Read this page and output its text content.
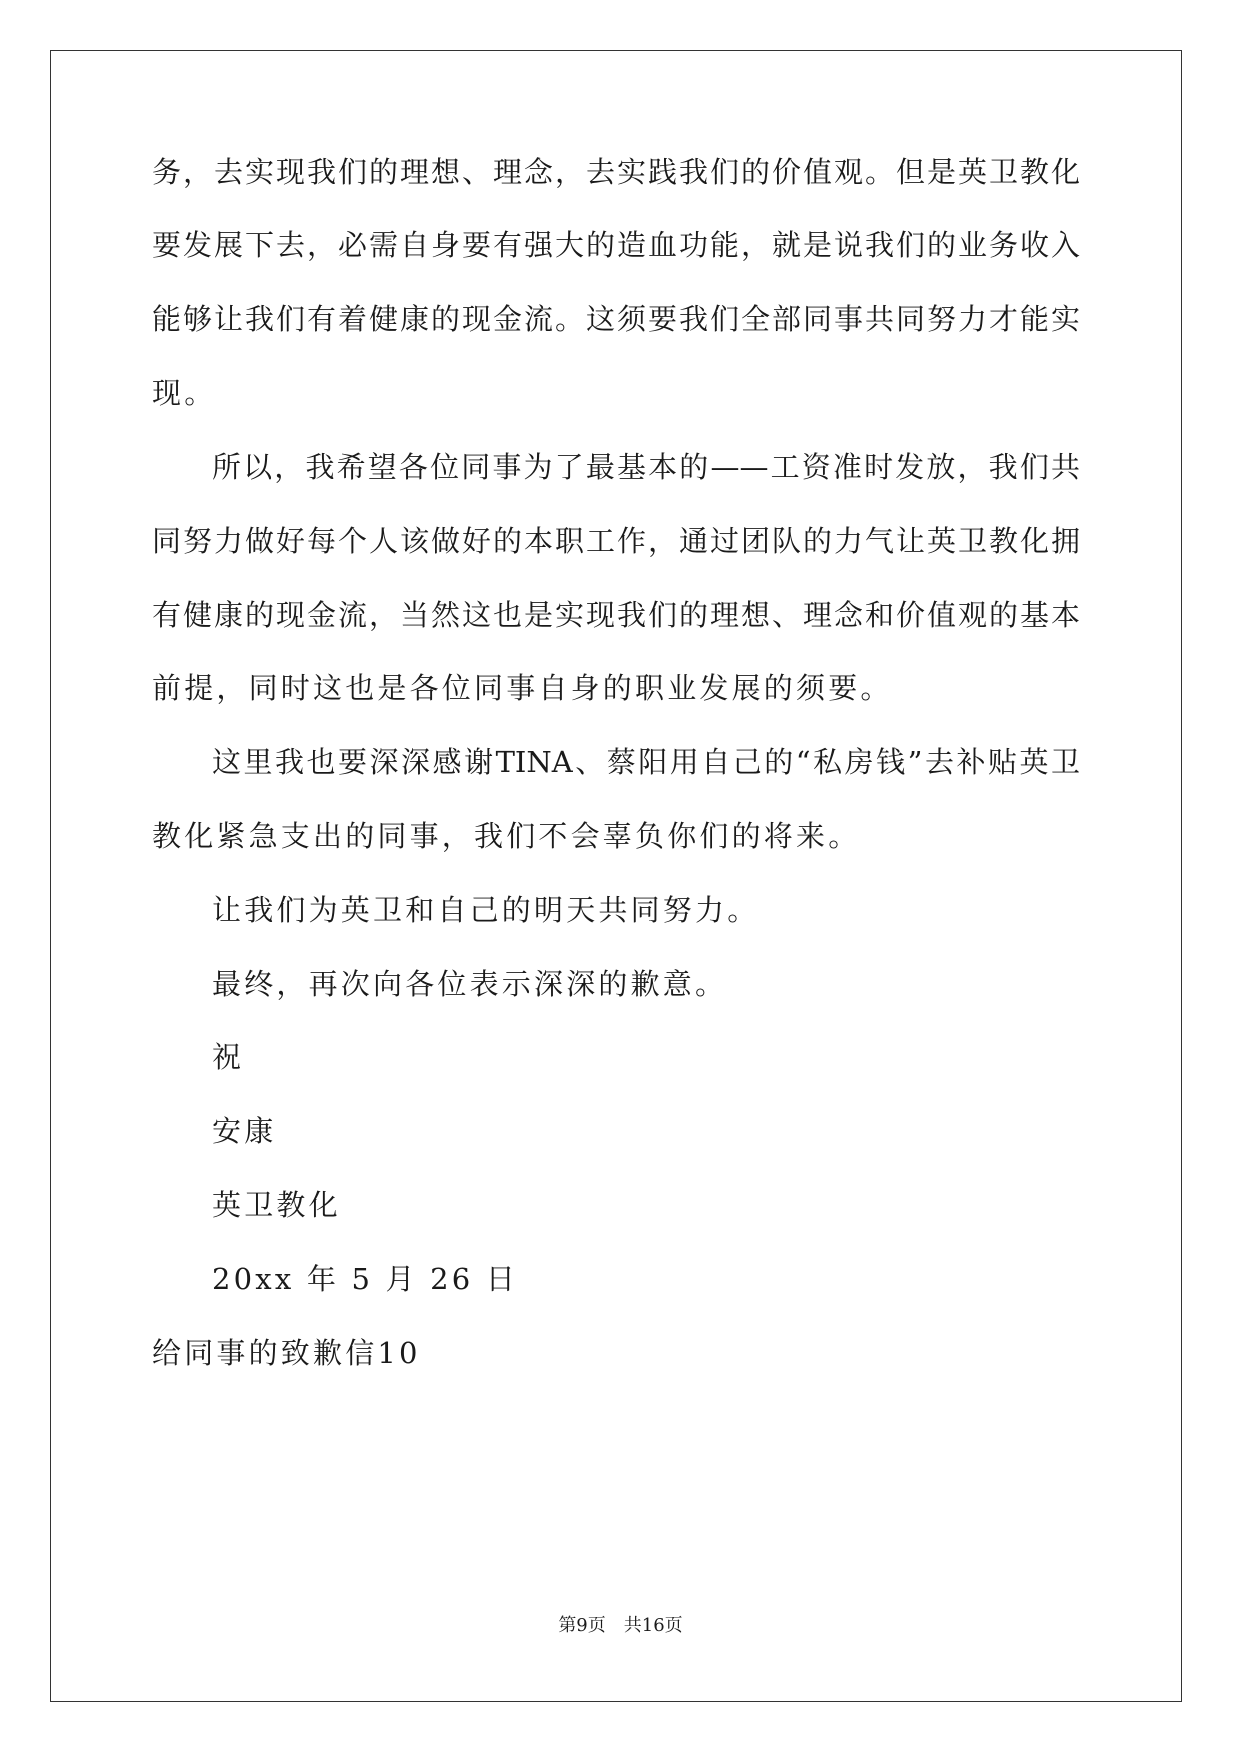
务，去实现我们的理想、理念，去实践我们的价值观。但是英卫教化
要发展下去，必需自身要有强大的造血功能，就是说我们的业务收入
能够让我们有着健康的现金流。这须要我们全部同事共同努力才能实
现。
所以，我希望各位同事为了最基本的——工资准时发放，我们共
同努力做好每个人该做好的本职工作，通过团队的力气让英卫教化拥
有健康的现金流，当然这也是实现我们的理想、理念和价值观的基本
前提，同时这也是各位同事自身的职业发展的须要。
这里我也要深深感谢TINA、蔡阳用自己的“私房钱”去补贴英卫
教化紧急支出的同事，我们不会辜负你们的将来。
让我们为英卫和自己的明天共同努力。
最终，再次向各位表示深深的歉意。
祝
安康
英卫教化
20xx 年 5 月 26 日
给同事的致歉信10
第9页　共16页
